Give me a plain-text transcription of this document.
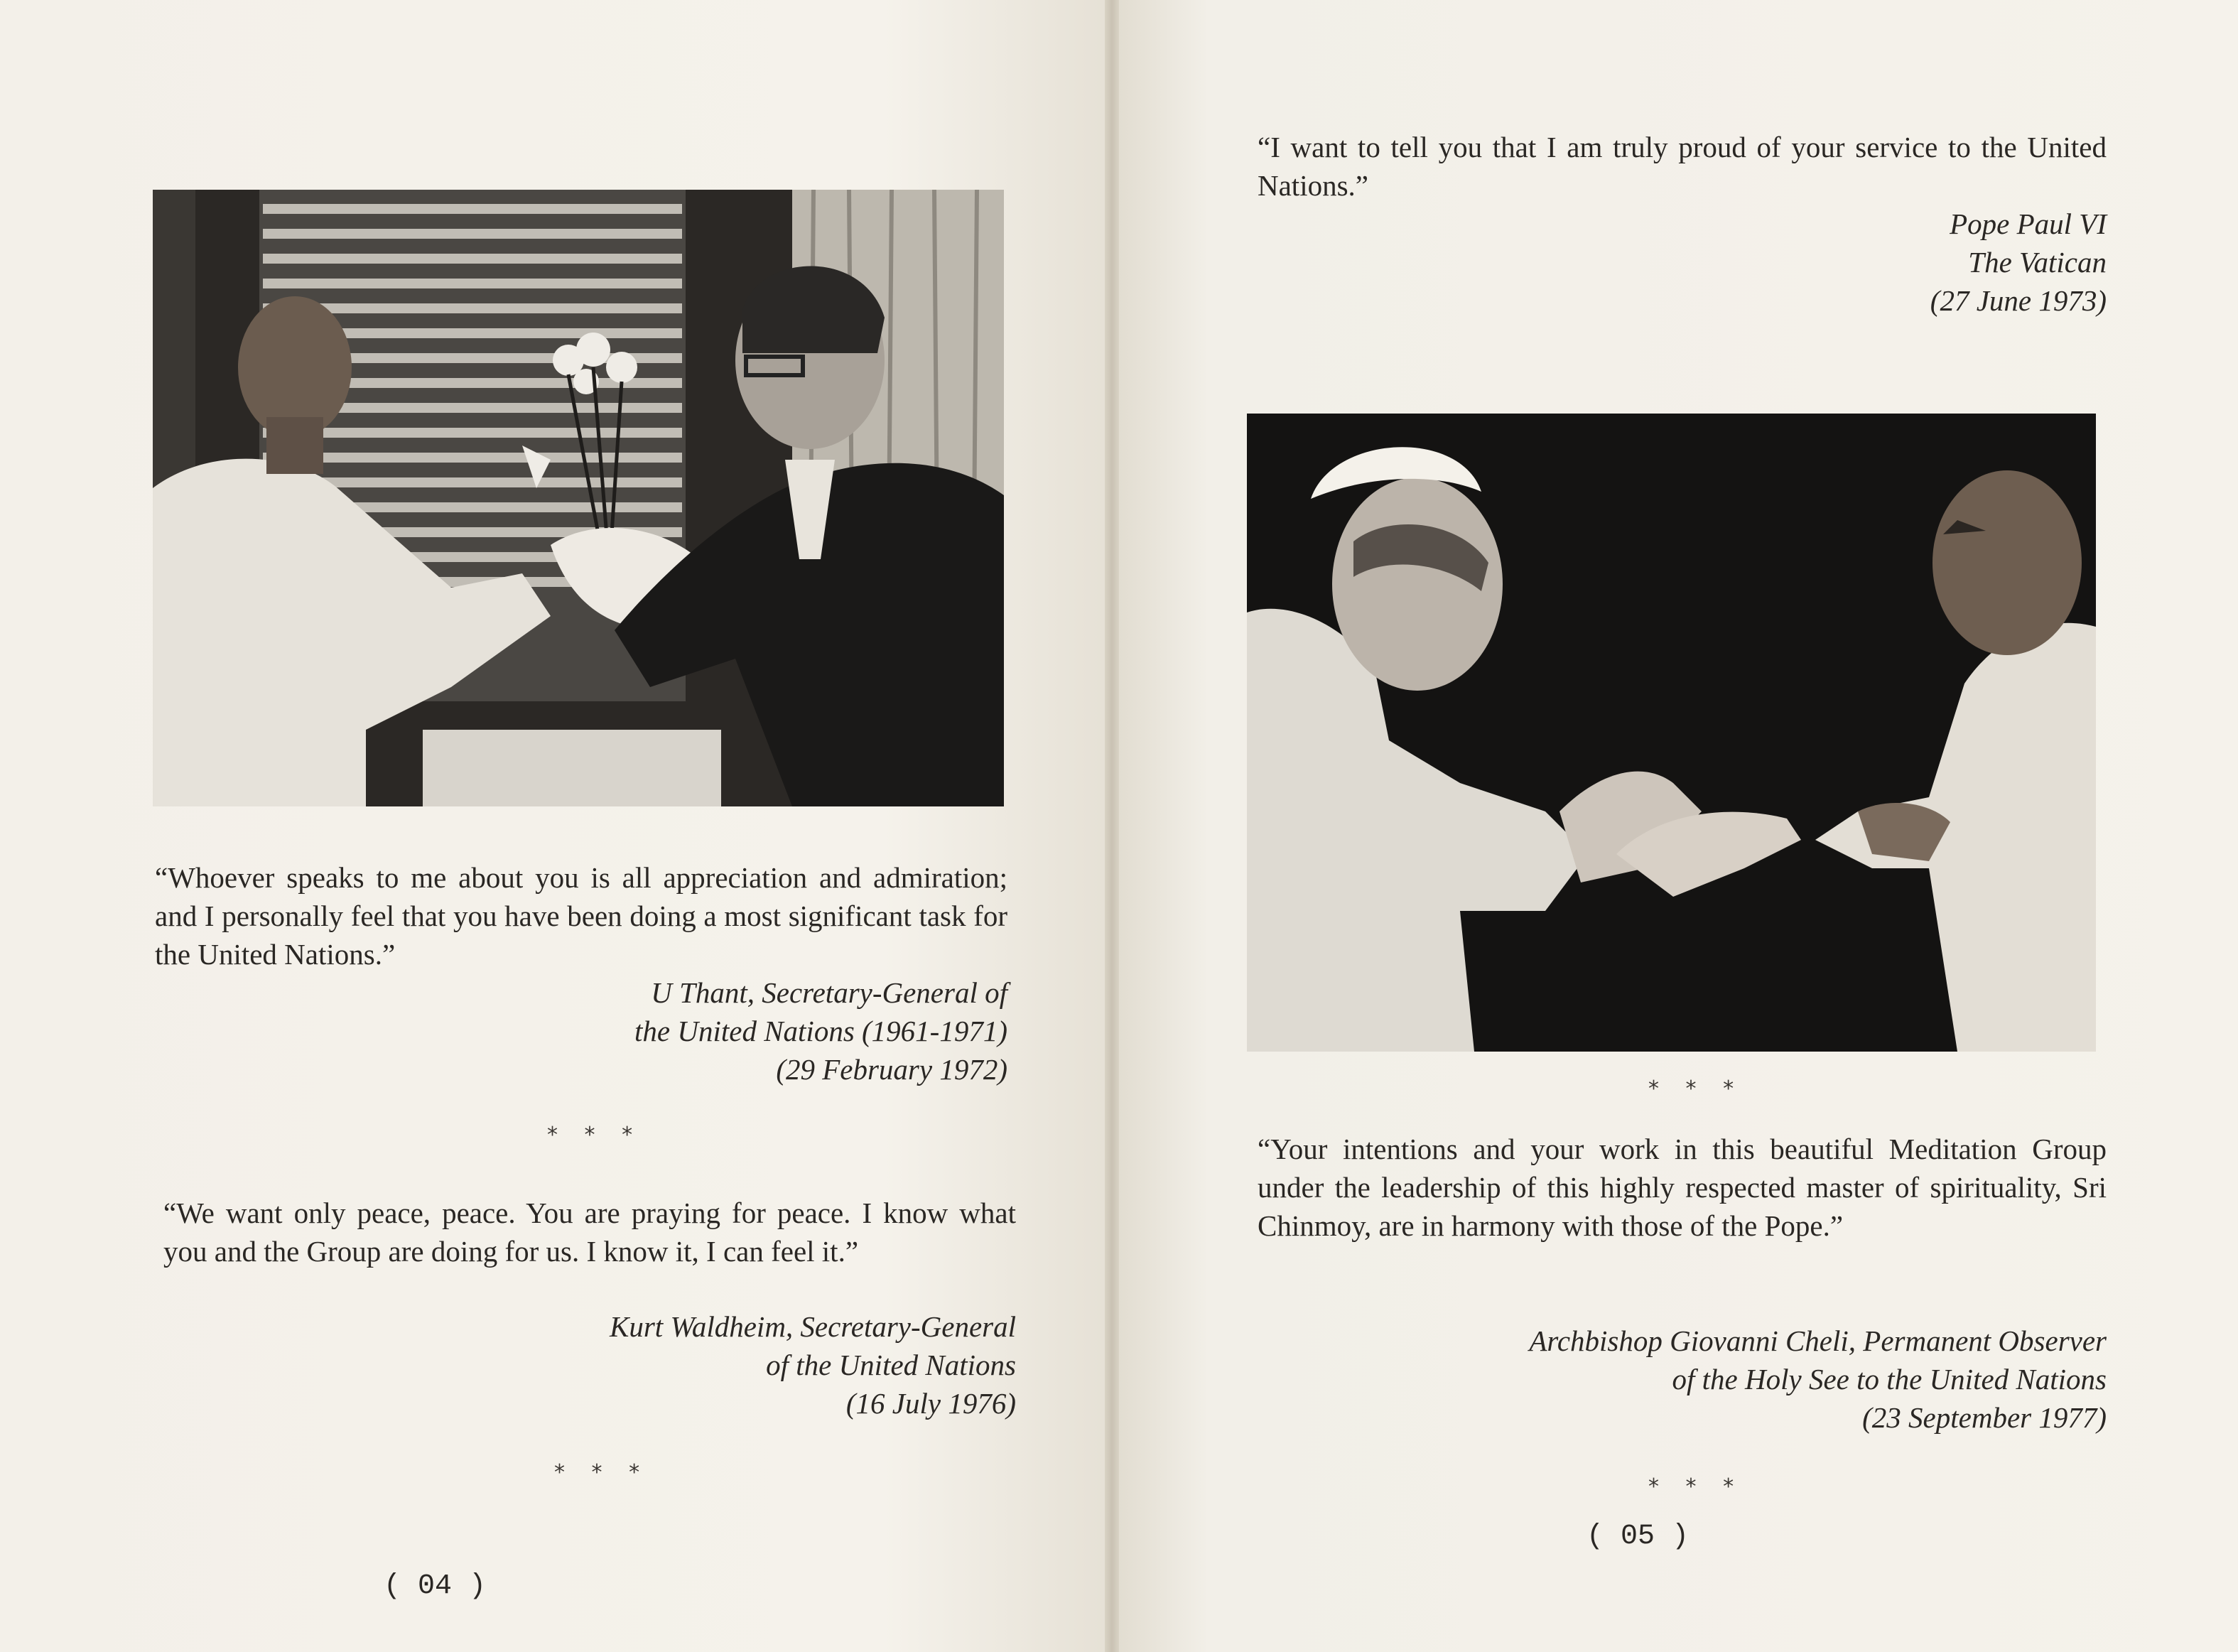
“Whoever speaks to me about you is all appreciation and admiration; and I personally feel that you have been doing a most significant task for the United Nations.”

U Thant, Secretary-General of
the United Nations (1961-1971)
(29 February 1972)
* * *

“We want only peace, peace. You are praying for peace. I know what you and the Group are doing for us. I know it, I can feel it.”

Kurt Waldheim, Secretary-General
of the United Nations
(16 July 1976)
* * *
( 04 )

“I want to tell you that I am truly proud of your service to the United Nations.”

Pope Paul VI
The Vatican
(27 June 1973)
* * *

“Your intentions and your work in this beautiful Meditation Group under the leadership of this highly respected master of spirituality, Sri Chinmoy, are in harmony with those of the Pope.”

Archbishop Giovanni Cheli, Permanent Observer
of the Holy See to the United Nations
(23 September 1977)
* * *
( 05 )
